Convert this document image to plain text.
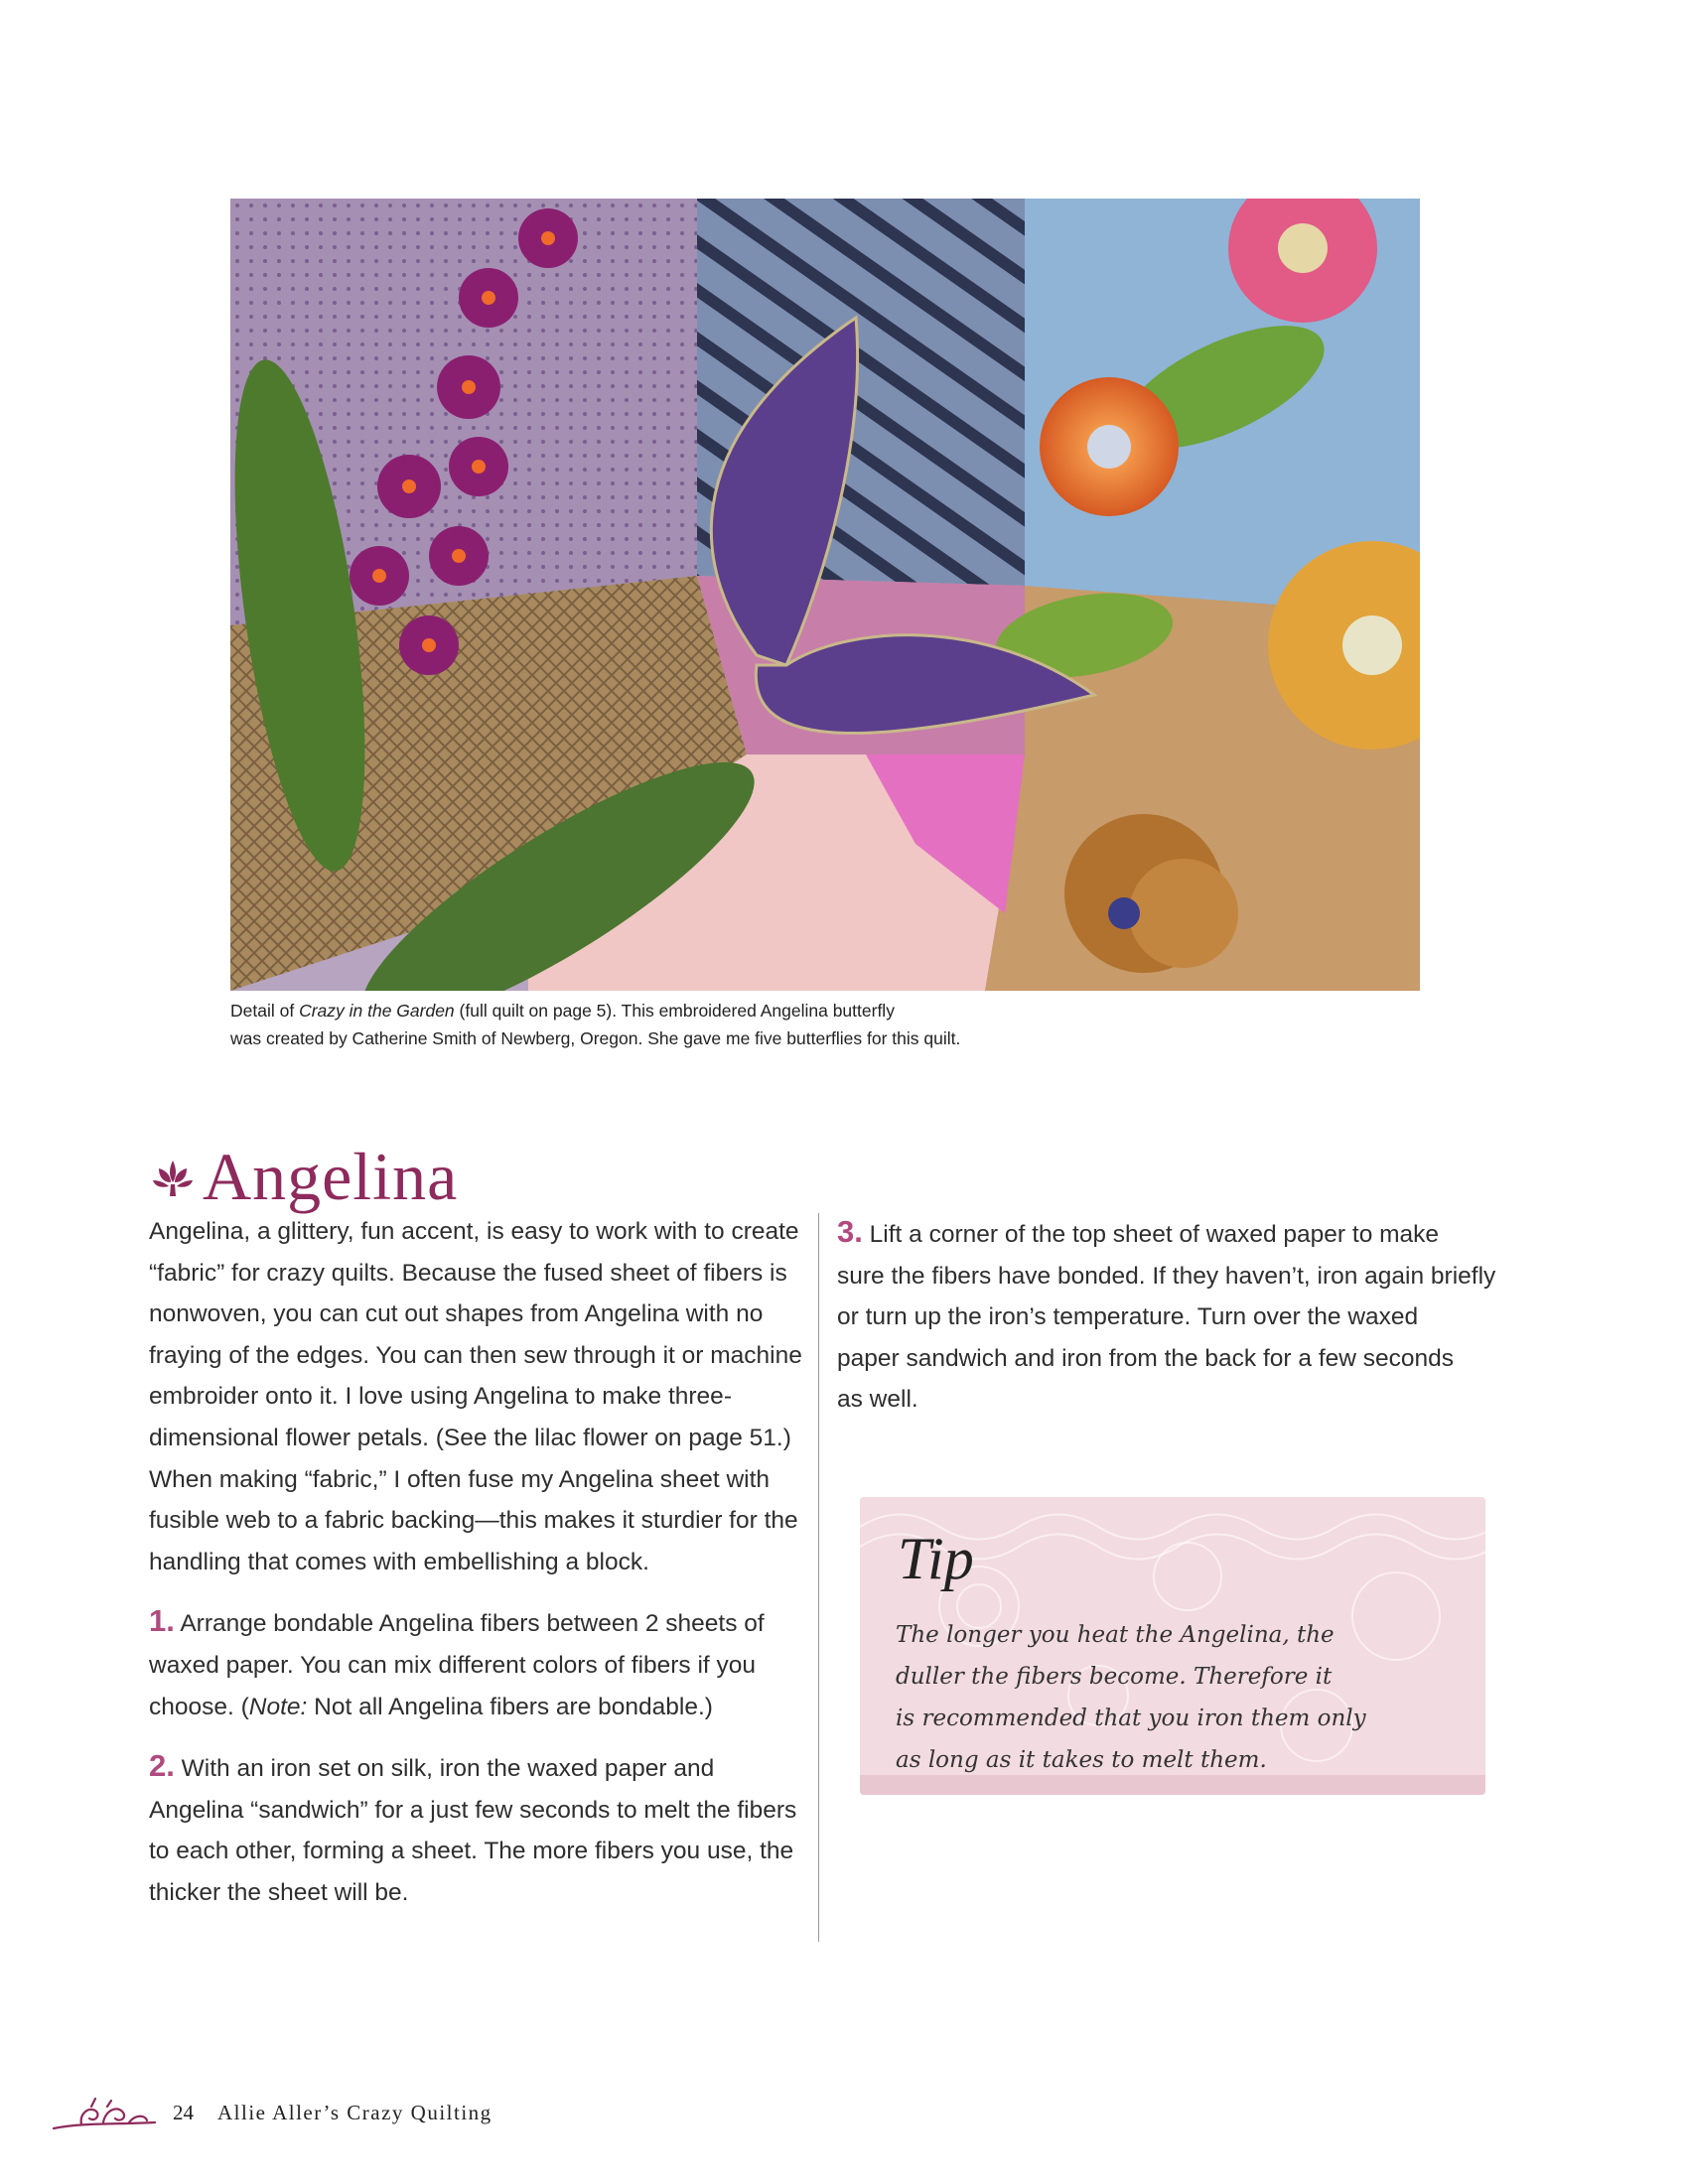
Detail of Crazy in the Garden (full quilt on page 5). This embroidered Angelina butterfly
was created by Catherine Smith of Newberg, Oregon. She gave me five butterflies for this quilt.
Angelina

Angelina, a glittery, fun accent, is easy to work with to create
“fabric” for crazy quilts. Because the fused sheet of fibers is
nonwoven, you can cut out shapes from Angelina with no
fraying of the edges. You can then sew through it or machine
embroider onto it. I love using Angelina to make three-
dimensional flower petals. (See the lilac flower on page 51.)
When making “fabric,” I often fuse my Angelina sheet with
fusible web to a fabric backing—this makes it sturdier for the
handling that comes with embellishing a block.

1. Arrange bondable Angelina fibers between 2 sheets of
waxed paper. You can mix different colors of fibers if you
choose. (Note: Not all Angelina fibers are bondable.)

2. With an iron set on silk, iron the waxed paper and
Angelina “sandwich” for a just few seconds to melt the fibers
to each other, forming a sheet. The more fibers you use, the
thicker the sheet will be.

3. Lift a corner of the top sheet of waxed paper to make
sure the fibers have bonded. If they haven’t, iron again briefly
or turn up the iron’s temperature. Turn over the waxed
paper sandwich and iron from the back for a few seconds
as well.

Tip
The longer you heat the Angelina, the
duller the fibers become. Therefore it
is recommended that you iron them only
as long as it takes to melt them.
24 Allie Aller’s Crazy Quilting
